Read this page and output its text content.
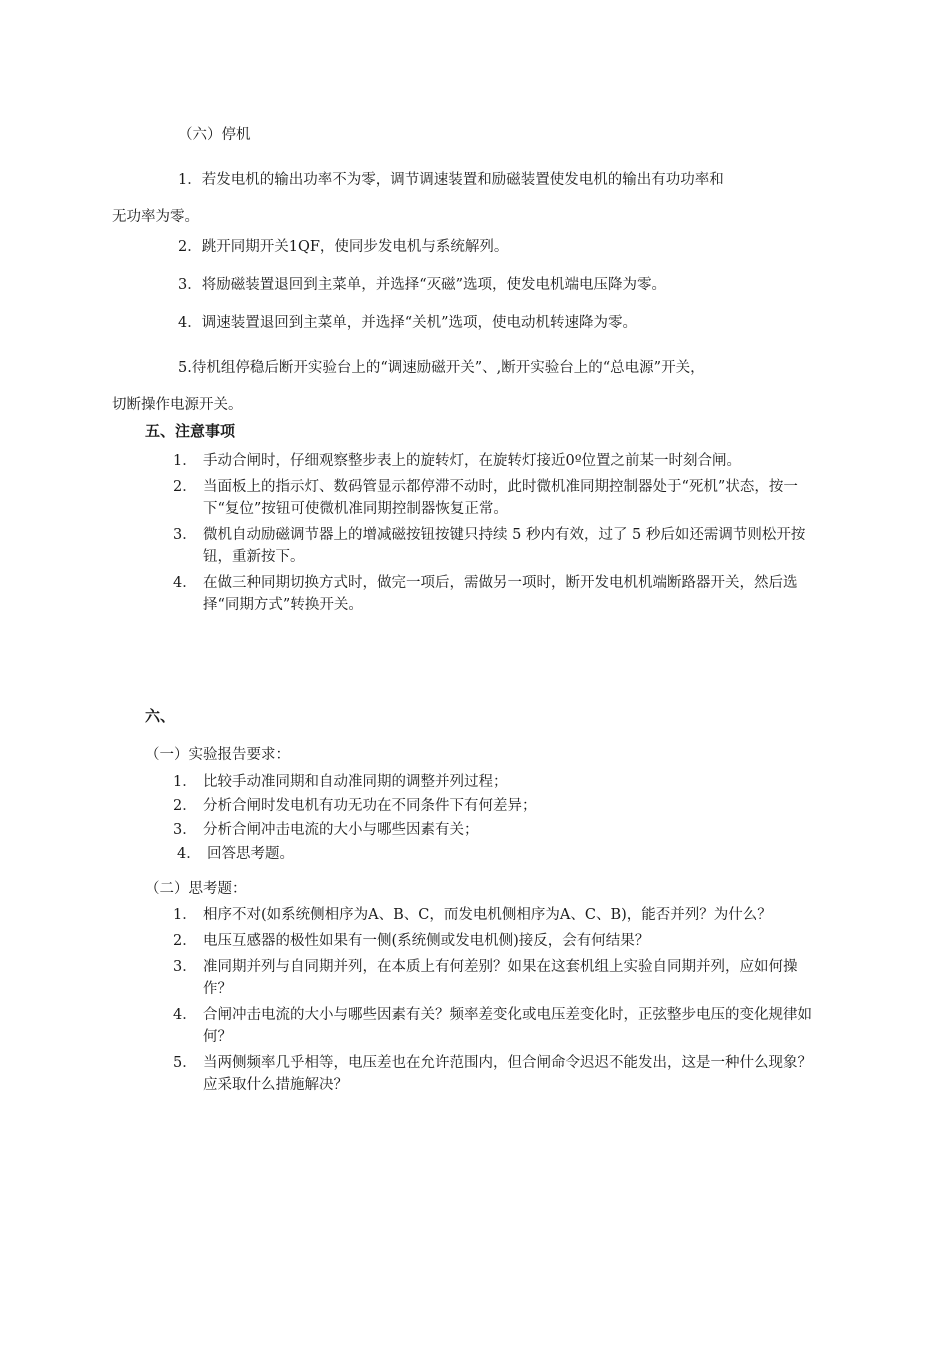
（六）停机
1．若发电机的输出功率不为零，调节调速装置和励磁装置使发电机的输出有功功率和
无功率为零。
2．跳开同期开关1QF，使同步发电机与系统解列。
3．将励磁装置退回到主菜单，并选择“灭磁”选项，使发电机端电压降为零。
4．调速装置退回到主菜单，并选择“关机”选项，使电动机转速降为零。
5.待机组停稳后断开实验台上的“调速励磁开关”、,断开实验台上的“总电源”开关，
切断操作电源开关。
五、注意事项
1． 手动合闸时，仔细观察整步表上的旋转灯，在旋转灯接近0º位置之前某一时刻合闸。
2． 当面板上的指示灯、数码管显示都停滞不动时，此时微机准同期控制器处于“死机”状态，按一下“复位”按钮可使微机准同期控制器恢复正常。
3． 微机自动励磁调节器上的增减磁按钮按键只持续 5 秒内有效，过了 5 秒后如还需调节则松开按钮，重新按下。
4． 在做三种同期切换方式时，做完一项后，需做另一项时，断开发电机机端断路器开关，然后选择“同期方式”转换开关。
六、
（一）实验报告要求：
1． 比较手动准同期和自动准同期的调整并列过程；
2． 分析合闸时发电机有功无功在不同条件下有何差异；
3． 分析合闸冲击电流的大小与哪些因素有关；
4． 回答思考题。
（二）思考题：
1． 相序不对(如系统侧相序为A、B、C，而发电机侧相序为A、C、B)，能否并列？为什么？
2． 电压互感器的极性如果有一侧(系统侧或发电机侧)接反，会有何结果？
3． 准同期并列与自同期并列，在本质上有何差别？如果在这套机组上实验自同期并列，应如何操作？
4． 合闸冲击电流的大小与哪些因素有关？频率差变化或电压差变化时，正弦整步电压的变化规律如何？
5． 当两侧频率几乎相等，电压差也在允许范围内，但合闸命令迟迟不能发出，这是一种什么现象？应采取什么措施解决？
